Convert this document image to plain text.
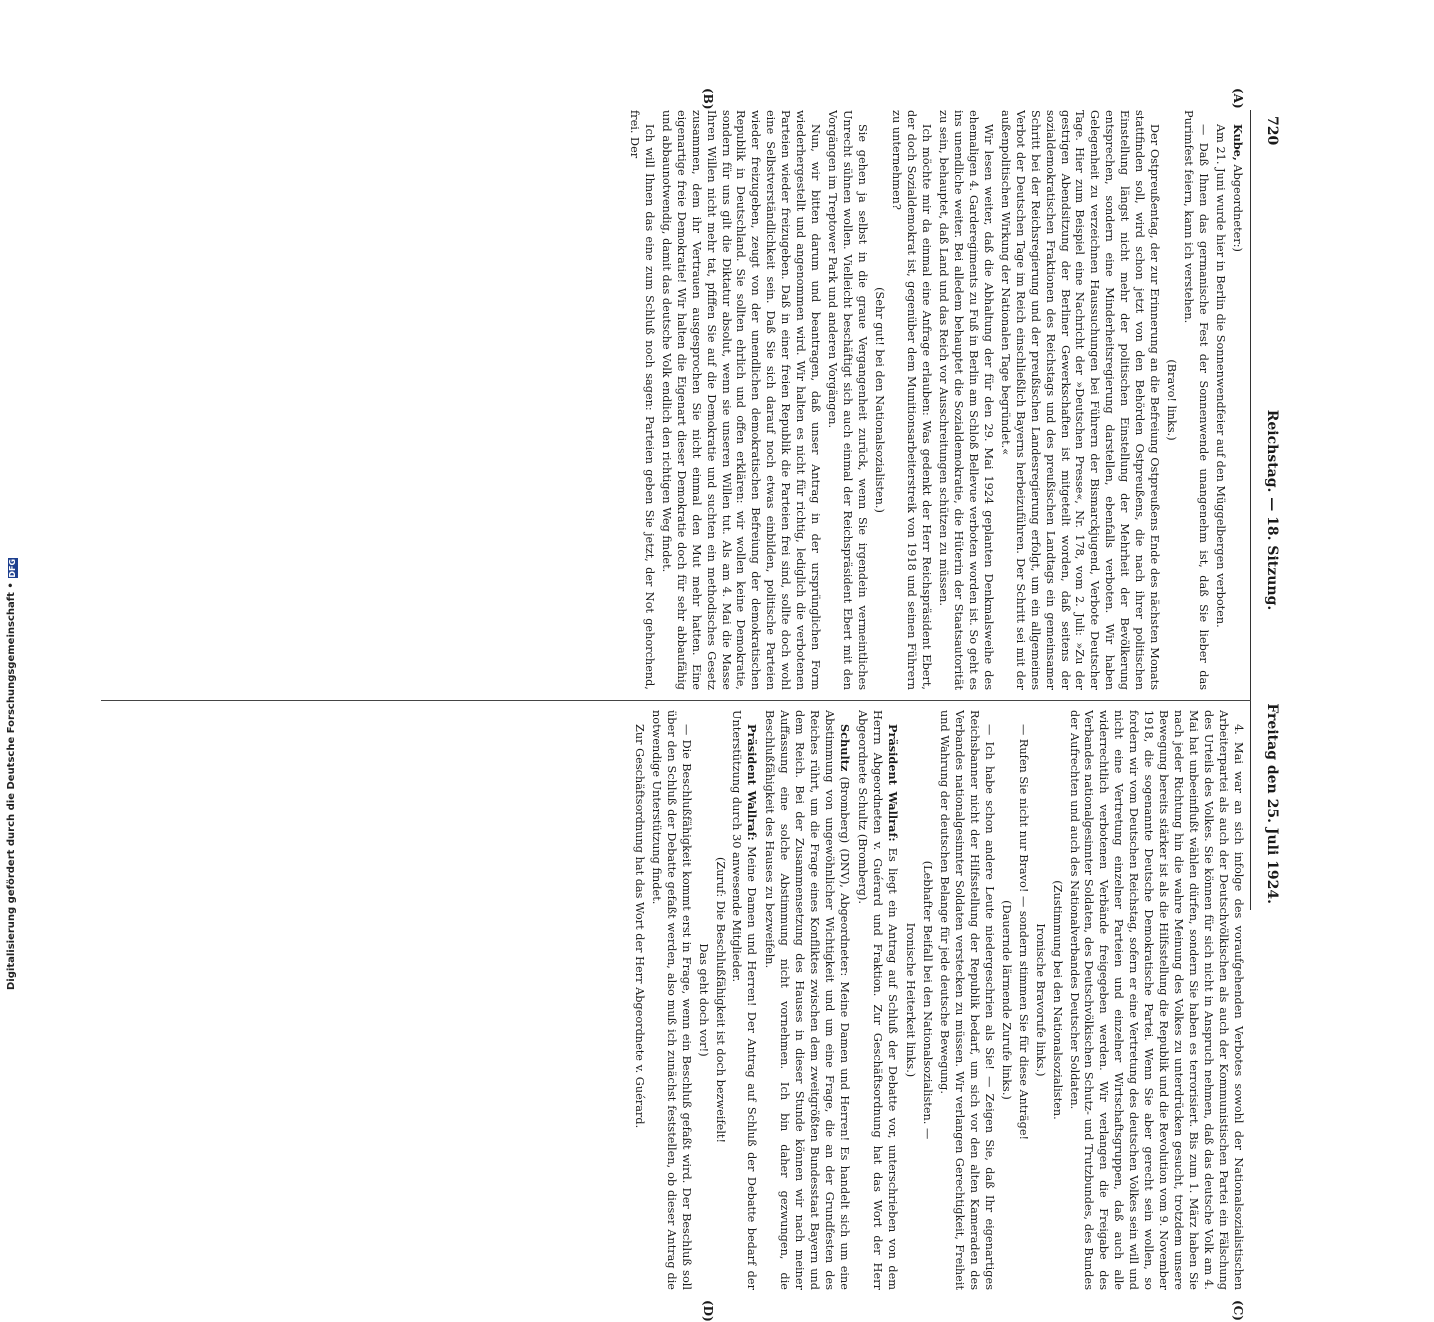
720
Reichstag. — 18. Sitzung.
Freitag den 25. Juli 1924.
(A)
(B)
(C)
(D)

Kube, Abgeordneter:)

Am 21. Juni wurde hier in Berlin die Sonnenwendfeier auf den Müggelbergen verboten.

— Daß Ihnen das germanische Fest der Sonnenwende unangenehm ist, daß Sie lieber das Purimfest feiern, kann ich verstehen.

(Bravo! links.)

Der Ostpreußentag, der zur Erinnerung an die Befreiung Ostpreußens Ende des nächsten Monats stattfinden soll, wird schon jetzt von den Behörden Ostpreußens, die nach ihrer politischen Einstellung längst nicht mehr der politischen Einstellung der Mehrheit der Bevölkerung entsprechen, sondern eine Minderheitsregierung darstellen, ebenfalls verboten. Wir haben Gelegenheit zu verzeichnen Haussuchungen bei Führern der Bismarckjugend, Verbote Deutscher Tage. Hier zum Beispiel eine Nachricht der »Deutschen Presse«, Nr. 178, vom 2. Juli: »Zu der gestrigen Abendsitzung der Berliner Gewerkschaften ist mitgeteilt worden, daß seitens der sozialdemokratischen Fraktionen des Reichstags und des preußischen Landtags ein gemeinsamer Schritt bei der Reichsregierung und der preußischen Landesregierung erfolgt, um ein allgemeines Verbot der Deutschen Tage im Reich einschließlich Bayerns herbeizuführen. Der Schritt sei mit der außenpolitischen Wirkung der Nationalen Tage begründet.«

Wir lesen weiter, daß die Abhaltung der für den 29. Mai 1924 geplanten Denkmalsweihe des ehemaligen 4. Garderegiments zu Fuß in Berlin am Schloß Bellevue verboten worden ist. So geht es ins unendliche weiter. Bei alledem behauptet die Sozialdemokratie, die Hüterin der Staatsautorität zu sein, behauptet, daß Land und das Reich vor Ausschreitungen schützen zu müssen.

Ich möchte mir da einmal eine Anfrage erlauben: Was gedenkt der Herr Reichspräsident Ebert, der doch Sozialdemokrat ist, gegenüber dem Munitionsarbeiterstreik von 1918 und seinen Führern zu unternehmen?

(Sehr gut! bei den Nationalsozialisten.)

Sie gehen ja selbst in die graue Vergangenheit zurück, wenn Sie irgendein vermeintliches Unrecht sühnen wollen. Vielleicht beschäftigt sich auch einmal der Reichspräsident Ebert mit den Vorgängen im Treptower Park und anderen Vorgängen.

Nun, wir bitten darum und beantragen, daß unser Antrag in der ursprünglichen Form wiederhergestellt und angenommen wird. Wir halten es nicht für richtig, lediglich die verbotenen Parteien wieder freizugeben. Daß in einer freien Republik die Parteien frei sind, sollte doch wohl eine Selbstverständlichkeit sein. Daß Sie sich darauf noch etwas einbilden, politische Parteien wieder freizugeben, zeugt von der unendlichen demokratischen Befreiung der demokratischen Republik in Deutschland. Sie sollten ehrlich und offen erklären: wir wollen keine Demokratie, sondern für uns gilt die Diktatur absolut, wenn sie unseren Willen tut. Als am 4. Mai die Masse Ihren Willen nicht mehr tat, pfiffen Sie auf die Demokratie und suchten ein methodisches Gesetz zusammen, dem ihr Vertrauen ausgesprochen Sie nicht einmal den Mut mehr hatten. Eine eigenartige freie Demokratie! Wir halten die Eigenart dieser Demokratie doch für sehr abbaufähig und abbaunotwendig, damit das deutsche Volk endlich den richtigen Weg findet.

Ich will Ihnen das eine zum Schluß noch sagen: Parteien geben Sie jetzt, der Not gehorchend, frei. Der

4. Mai war an sich infolge des voraufgehenden Verbotes sowohl der Nationalsozialistischen Arbeiterpartei als auch der Deutschvölkischen als auch der Kommunistischen Partei ein Fälschung des Urteils des Volkes. Sie können für sich nicht in Anspruch nehmen, daß das deutsche Volk am 4. Mai hat unbeeinflußt wählen dürfen, sondern Sie haben es terrorisiert. Bis zum 1. März haben Sie nach jeder Richtung hin die wahre Meinung des Volkes zu unterdrücken gesucht, trotzdem unsere Bewegung bereits stärker ist als die Hilfsstellung die Republik und die Revolution vom 9. November 1918, die sogenannte Deutsche Demokratische Partei. Wenn Sie aber gerecht sein wollen, so fordern wir vom Deutschen Reichstag, sofern er eine Vertretung des deutschen Volkes sein will und nicht eine Vertretung einzelner Parteien und einzelner Wirtschaftsgruppen, daß auch alle widerrechtlich verbotenen Verbände freigegeben werden. Wir verlangen die Freigabe des Verbandes nationalgesinnter Soldaten, des Deutschvölkischen Schutz- und Trutzbundes, des Bundes der Aufrechten und auch des Nationalverbandes Deutscher Soldaten.

(Zustimmung bei den Nationalsozialisten.

Ironische Bravorufe links.)

— Rufen Sie nicht nur Bravo! — sondern stimmen Sie für diese Anträge!

(Dauernde lärmende Zurufe links.)

— Ich habe schon andere Leute niedergeschrien als Sie! — Zeigen Sie, daß Ihr eigenartiges Reichsbanner nicht der Hilfsstellung der Republik bedarf, um sich vor den alten Kameraden des Verbandes nationalgesinnter Soldaten verstecken zu müssen. Wir verlangen Gerechtigkeit, Freiheit und Wahrung der deutschen Belange für jede deutsche Bewegung.

(Lebhafter Beifall bei den Nationalsozialisten. —

Ironische Heiterkeit links.)

Präsident Wallraf: Es liegt ein Antrag auf Schluß der Debatte vor, unterschrieben von dem Herrn Abgeordneten v. Guérard und Fraktion. Zur Geschäftsordnung hat das Wort der Herr Abgeordnete Schultz (Bromberg).

Schultz (Bromberg) (DNV), Abgeordneter: Meine Damen und Herren! Es handelt sich um eine Abstimmung von ungewöhnlicher Wichtigkeit und um eine Frage, die an der Grundfesten des Reiches rührt, um die Frage eines Konfliktes zwischen dem zweitgrößten Bundesstaat Bayern und dem Reich. Bei der Zusammensetzung des Hauses in dieser Stunde können wir nach meiner Auffassung eine solche Abstimmung nicht vornehmen. Ich bin daher gezwungen, die Beschlußfähigkeit des Hauses zu bezweifeln.

Präsident Wallraf: Meine Damen und Herren! Der Antrag auf Schluß der Debatte bedarf der Unterstützung durch 30 anwesende Mitglieder.

(Zuruf: Die Beschlußfähigkeit ist doch bezweifelt!

Das geht doch vor!)

— Die Beschlußfähigkeit kommt erst in Frage, wenn ein Beschluß gefaßt wird. Der Beschluß soll über den Schluß der Debatte gefaßt werden, also muß ich zunächst feststellen, ob dieser Antrag die notwendige Unterstützung findet.

Zur Geschäftsordnung hat das Wort der Herr Abgeordnete v. Guérard.

Digitalisierung gefördert durch die Deutsche Forschungsgemeinschaft •DFG
